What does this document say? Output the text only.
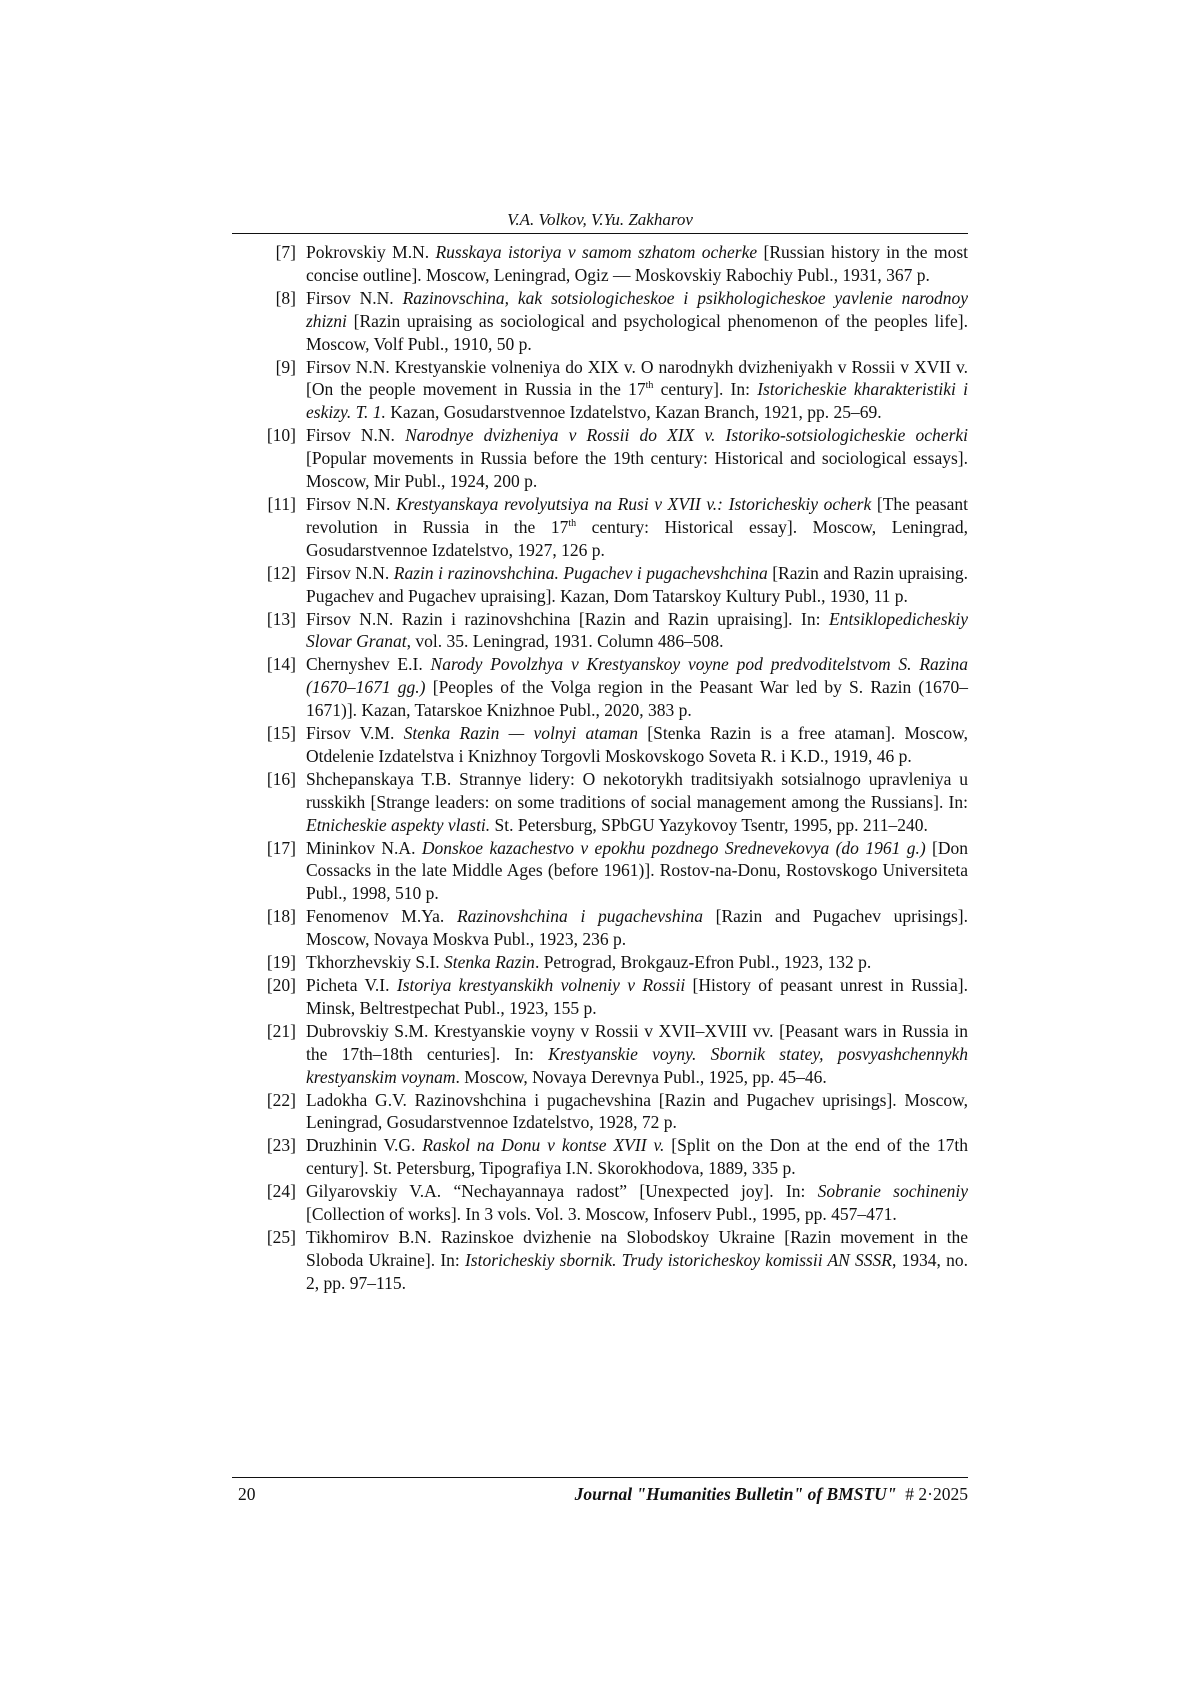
V.A. Volkov, V.Yu. Zakharov
[7] Pokrovskiy M.N. Russkaya istoriya v samom szhatom ocherke [Russian history in the most concise outline]. Moscow, Leningrad, Ogiz — Moskovskiy Rabochiy Publ., 1931, 367 p.
[8] Firsov N.N. Razinovschina, kak sotsiologicheskoe i psikhologicheskoe yavlenie narodnoy zhizni [Razin upraising as sociological and psychological phenomenon of the peoples life]. Moscow, Volf Publ., 1910, 50 p.
[9] Firsov N.N. Krestyanskie volneniya do XIX v. O narodnykh dvizheniyakh v Rossii v XVII v. [On the people movement in Russia in the 17th century]. In: Istoricheskie kharakteristiki i eskizy. T. 1. Kazan, Gosudarstvennoe Izdatelstvo, Kazan Branch, 1921, pp. 25–69.
[10] Firsov N.N. Narodnye dvizheniya v Rossii do XIX v. Istoriko-sotsiologicheskie ocherki [Popular movements in Russia before the 19th century: Historical and sociological essays]. Moscow, Mir Publ., 1924, 200 p.
[11] Firsov N.N. Krestyanskaya revolyutsiya na Rusi v XVII v.: Istoricheskiy ocherk [The peasant revolution in Russia in the 17th century: Historical essay]. Moscow, Leningrad, Gosudarstvennoe Izdatelstvo, 1927, 126 p.
[12] Firsov N.N. Razin i razinovshchina. Pugachev i pugachevshchina [Razin and Razin upraising. Pugachev and Pugachev upraising]. Kazan, Dom Tatarskoy Kultury Publ., 1930, 11 p.
[13] Firsov N.N. Razin i razinovshchina [Razin and Razin upraising]. In: Entsiklopedicheskiy Slovar Granat, vol. 35. Leningrad, 1931. Column 486–508.
[14] Chernyshev E.I. Narody Povolzhya v Krestyanskoy voyne pod predvoditelstvom S. Razina (1670–1671 gg.) [Peoples of the Volga region in the Peasant War led by S. Razin (1670–1671)]. Kazan, Tatarskoe Knizhnoe Publ., 2020, 383 p.
[15] Firsov V.M. Stenka Razin — volnyi ataman [Stenka Razin is a free ataman]. Moscow, Otdelenie Izdatelstva i Knizhnoy Torgovli Moskovskogo Soveta R. i K.D., 1919, 46 p.
[16] Shchepanskaya T.B. Strannye lidery: O nekotorykh traditsiyakh sotsialnogo upravleniya u russkikh [Strange leaders: on some traditions of social management among the Russians]. In: Etnicheskie aspekty vlasti. St. Petersburg, SPbGU Yazykovoy Tsentr, 1995, pp. 211–240.
[17] Mininkov N.A. Donskoe kazachestvo v epokhu pozdnego Srednevekovya (do 1961 g.) [Don Cossacks in the late Middle Ages (before 1961)]. Rostov-na-Donu, Rostovskogo Universiteta Publ., 1998, 510 p.
[18] Fenomenov M.Ya. Razinovshchina i pugachevshina [Razin and Pugachev uprisings]. Moscow, Novaya Moskva Publ., 1923, 236 p.
[19] Tkhorzhevskiy S.I. Stenka Razin. Petrograd, Brokgauz-Efron Publ., 1923, 132 p.
[20] Picheta V.I. Istoriya krestyanskikh volneniy v Rossii [History of peasant unrest in Russia]. Minsk, Beltrestpechat Publ., 1923, 155 p.
[21] Dubrovskiy S.M. Krestyanskie voyny v Rossii v XVII–XVIII vv. [Peasant wars in Russia in the 17th–18th centuries]. In: Krestyanskie voyny. Sbornik statey, posvyashchennykh krestyanskim voynam. Moscow, Novaya Derevnya Publ., 1925, pp. 45–46.
[22] Ladokha G.V. Razinovshchina i pugachevshina [Razin and Pugachev uprisings]. Moscow, Leningrad, Gosudarstvennoe Izdatelstvo, 1928, 72 p.
[23] Druzhinin V.G. Raskol na Donu v kontse XVII v. [Split on the Don at the end of the 17th century]. St. Petersburg, Tipografiya I.N. Skorokhodova, 1889, 335 p.
[24] Gilyarovskiy V.A. “Nechayannaya radost” [Unexpected joy]. In: Sobranie sochineniy [Collection of works]. In 3 vols. Vol. 3. Moscow, Infoserv Publ., 1995, pp. 457–471.
[25] Tikhomirov B.N. Razinskoe dvizhenie na Slobodskoy Ukraine [Razin movement in the Sloboda Ukraine]. In: Istoricheskiy sbornik. Trudy istoricheskoy komissii AN SSSR, 1934, no. 2, pp. 97–115.
20	Journal "Humanities Bulletin" of BMSTU" # 2·2025
